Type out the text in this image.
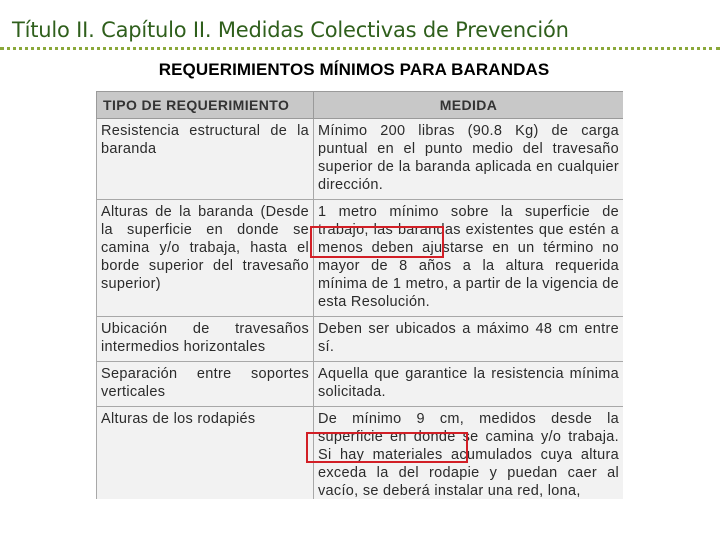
Título II. Capítulo II. Medidas Colectivas de Prevención
REQUERIMIENTOS MÍNIMOS PARA BARANDAS
TIPO DE REQUERIMIENTO	MEDIDA
Resistencia estructural de la baranda	Mínimo 200 libras (90.8 Kg) de carga puntual en el punto medio del travesaño superior de la baranda aplicada en cualquier dirección.
Alturas de la baranda (Desde la superficie en donde se camina y/o trabaja, hasta el borde superior del travesaño superior)	1 metro mínimo sobre la superficie de trabajo; las barandas existentes que estén a menos deben ajustarse en un término no mayor de 8 años a la altura requerida mínima de 1 metro, a partir de la vigencia de esta Resolución.
Ubicación de travesaños intermedios horizontales	Deben ser ubicados a máximo 48 cm entre sí.
Separación entre soportes verticales	Aquella que garantice la resistencia mínima solicitada.
Alturas de los rodapiés	De mínimo 9 cm, medidos desde la superficie en donde se camina y/o trabaja. Si hay materiales acumulados cuya altura exceda la del rodapie y puedan caer al vacío, se deberá instalar una red, lona,
